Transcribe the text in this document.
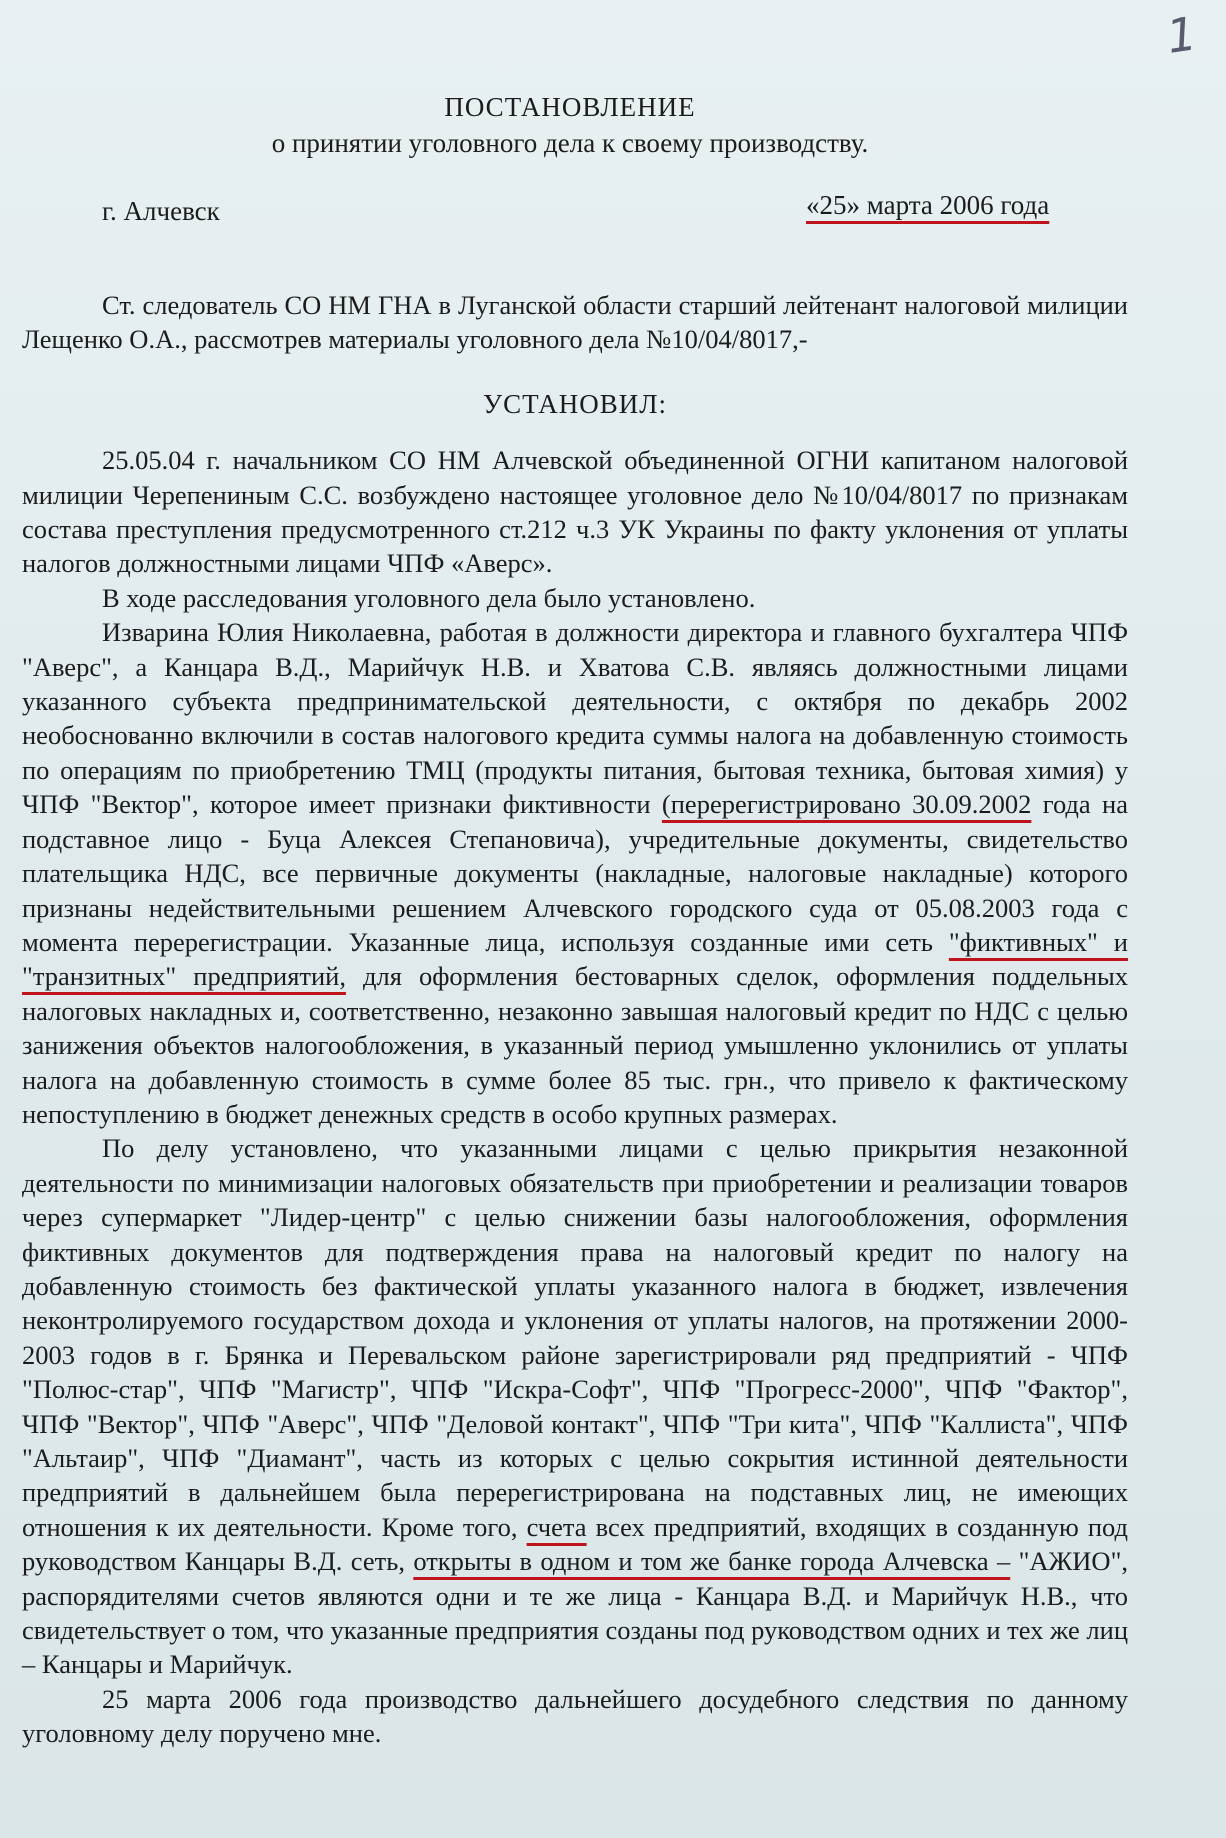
1
ПОСТАНОВЛЕНИЕ
о принятии уголовного дела к своему производству.
г. Алчевск	«25» марта 2006 года

Ст. следователь СО НМ ГНА в Луганской области старший лейтенант налоговой милиции Лещенко О.А., рассмотрев материалы уголовного дела №10/04/8017,-

УСТАНОВИЛ:

25.05.04 г. начальником СО НМ Алчевской объединенной ОГНИ капитаном налоговой милиции Черепениным С.С. возбуждено настоящее уголовное дело №10/04/8017 по признакам состава преступления предусмотренного ст.212 ч.3 УК Украины по факту уклонения от уплаты налогов должностными лицами ЧПФ «Аверс».

В ходе расследования уголовного дела было установлено.

Изварина Юлия Николаевна, работая в должности директора и главного бухгалтера ЧПФ "Аверс", а Канцара В.Д., Марийчук Н.В. и Хватова С.В. являясь должностными лицами указанного субъекта предпринимательской деятельности, с октября по декабрь 2002 необоснованно включили в состав налогового кредита суммы налога на добавленную стоимость по операциям по приобретению ТМЦ (продукты питания, бытовая техника, бытовая химия) у ЧПФ "Вектор", которое имеет признаки фиктивности (перерегистрировано 30.09.2002 года на подставное лицо - Буца Алексея Степановича), учредительные документы, свидетельство плательщика НДС, все первичные документы (накладные, налоговые накладные) которого признаны недействительными решением Алчевского городского суда от 05.08.2003 года с момента перерегистрации. Указанные лица, используя созданные ими сеть "фиктивных" и "транзитных" предприятий, для оформления бестоварных сделок, оформления поддельных налоговых накладных и, соответственно, незаконно завышая налоговый кредит по НДС с целью занижения объектов налогообложения, в указанный период умышленно уклонились от уплаты налога на добавленную стоимость в сумме более 85 тыс. грн., что привело к фактическому непоступлению в бюджет денежных средств в особо крупных размерах.

По делу установлено, что указанными лицами с целью прикрытия незаконной деятельности по минимизации налоговых обязательств при приобретении и реализации товаров через супермаркет "Лидер-центр" с целью снижении базы налогообложения, оформления фиктивных документов для подтверждения права на налоговый кредит по налогу на добавленную стоимость без фактической уплаты указанного налога в бюджет, извлечения неконтролируемого государством дохода и уклонения от уплаты налогов, на протяжении 2000-2003 годов в г. Брянка и Перевальском районе зарегистрировали ряд предприятий - ЧПФ "Полюс-стар", ЧПФ "Магистр", ЧПФ "Искра-Софт", ЧПФ "Прогресс-2000", ЧПФ "Фактор", ЧПФ "Вектор", ЧПФ "Аверс", ЧПФ "Деловой контакт", ЧПФ "Три кита", ЧПФ "Каллиста", ЧПФ "Альтаир", ЧПФ "Диамант", часть из которых с целью сокрытия истинной деятельности предприятий в дальнейшем была перерегистрирована на подставных лиц, не имеющих отношения к их деятельности. Кроме того, счета всех предприятий, входящих в созданную под руководством Канцары В.Д. сеть, открыты в одном и том же банке города Алчевска – "АЖИО", распорядителями счетов являются одни и те же лица - Канцара В.Д. и Марийчук Н.В., что свидетельствует о том, что указанные предприятия созданы под руководством одних и тех же лиц – Канцары и Марийчук.

25 марта 2006 года производство дальнейшего досудебного следствия по данному уголовному делу поручено мне.
